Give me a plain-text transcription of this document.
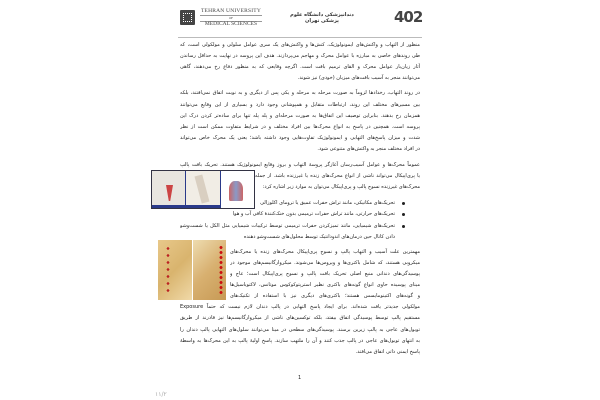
TEHRAN UNIVERSITY
OF
MEDICAL SCIENCES
دندانپزشکی دانشگاه علوم پزشکی تهران	402
منظور از التهاب و واکنش‌های ایمونولوژیک، کنش‌ها و واکنش‌های یک سری عوامل سلولی و مولکولی است، که
طی روندهای خاصی به مبارزه با عوامل محرک و مهاجم می‌پردازند. هدف این پروسه در نهایت به حداقل رساندن
آثار زیان‌بار عوامل محرک و القای ترمیم بافت است. اگرچه وقایعی که به منظور دفاع رخ می‌دهند، گاهی
می‌توانند منجر به آسیب بافت‌های میزبان (خودی) نیز شوند.
در روند التهاب، رخدادها لزوماً به صورت مرحله به مرحله و یکی پس از دیگری و به نوبت اتفاق نمی‌افتند، بلکه
بین مسیرهای مختلف این روند، ارتباطات متقابل و همپوشانی وجود دارد و بسیاری از این وقایع می‌توانند
همزمان رخ بدهند. بنابراین توصیف این اتفاق‌ها به صورت مرحله‌ای و پله پله تنها برای ساده‌تر کردن درک این
پروسه است. همچنین در پاسخ به انواع محرک‌ها بین افراد مختلف و در شرایط متفاوت ممکن است از نظر
شدت و میزان پاسخ‌های التهابی و ایمونولوژیک تفاوت‌هایی وجود داشته باشد؛ یعنی یک محرک خاص می‌تواند
در افراد مختلف منجر به واکنش‌های متنوعی شود.
عموماً محرک‌ها و عوامل آسیب‌رسان آغازگر پروسهٔ التهاب و بروز وقایع ایمونولوژیک هستند. تحریک بافت پالپ
یا پری‌اپیکال می‌تواند ناشی از انواع محرک‌های زنده یا غیرزنده باشد. از جمله
محرک‌های غیرزنده نسوج پالپ و پری‌اپیکال می‌توان به موارد زیر اشاره کرد:
تحریک‌های مکانیکی، مانند تراش حفرات عمیق یا ترومای اکلوزالی
تحریک‌های حرارتی، مانند تراش حفرات ترمیمی بدون خنک‌کنندهٔ کافی آب و هوا
تحریک‌های شیمیایی، مانند تمیزکردن حفرات ترمیمی توسط ترکیبات شیمیایی مثل الکل یا شست‌وشو
دادن کانال حین درمان‌های اندودانتیک توسط محلول‌های شست‌وشو دهنده
مهمترین علت آسیب و التهاب پالپ و نسوج پری‌اپیکال محرک‌های زنده یا محرک‌های
میکروبی هستند، که شامل باکتری‌ها و ویروس‌ها می‌شوند. میکروارگانیسم‌های موجود در
پوسیدگی‌های دندانی منبع اصلی تحریک بافت پالپ و نسوج پری‌اپیکال است؛ عاج و
مینای پوسیده حاوی انواع گونه‌های باکتری نظیر استرپتوکوکوس موتانس، لاکتوباسیل‌ها
و گونه‌های اکتینومایسس هستند؛ باکتری‌های دیگری نیز با استفاده از تکنیک‌های
مولکولی جدیدتر یافت شده‌اند. برای ایجاد پاسخ التهابی در پالپ دندان لازم نیست که حتماً Exposure
مستقیم پالپ توسط پوسیدگی اتفاق بیفتد، بلکه توکسین‌های ناشی از میکروارگانیسم‌ها نیز قادرند از طریق
توبول‌های عاجی به پالپ زیرین برسند. پوسیدگی‌های سطحی در مینا می‌توانند سلول‌های التهابی پالپ دندان را
به انتهای توبول‌های عاجی در پالپ جذب کنند و آن را ملتهب سازند. پاسخ اولیهٔ پالپ به این محرک‌ها به واسطهٔ
پاسخ ایمنی ذاتی اتفاق می‌افتد.
1
۱۱/۲
